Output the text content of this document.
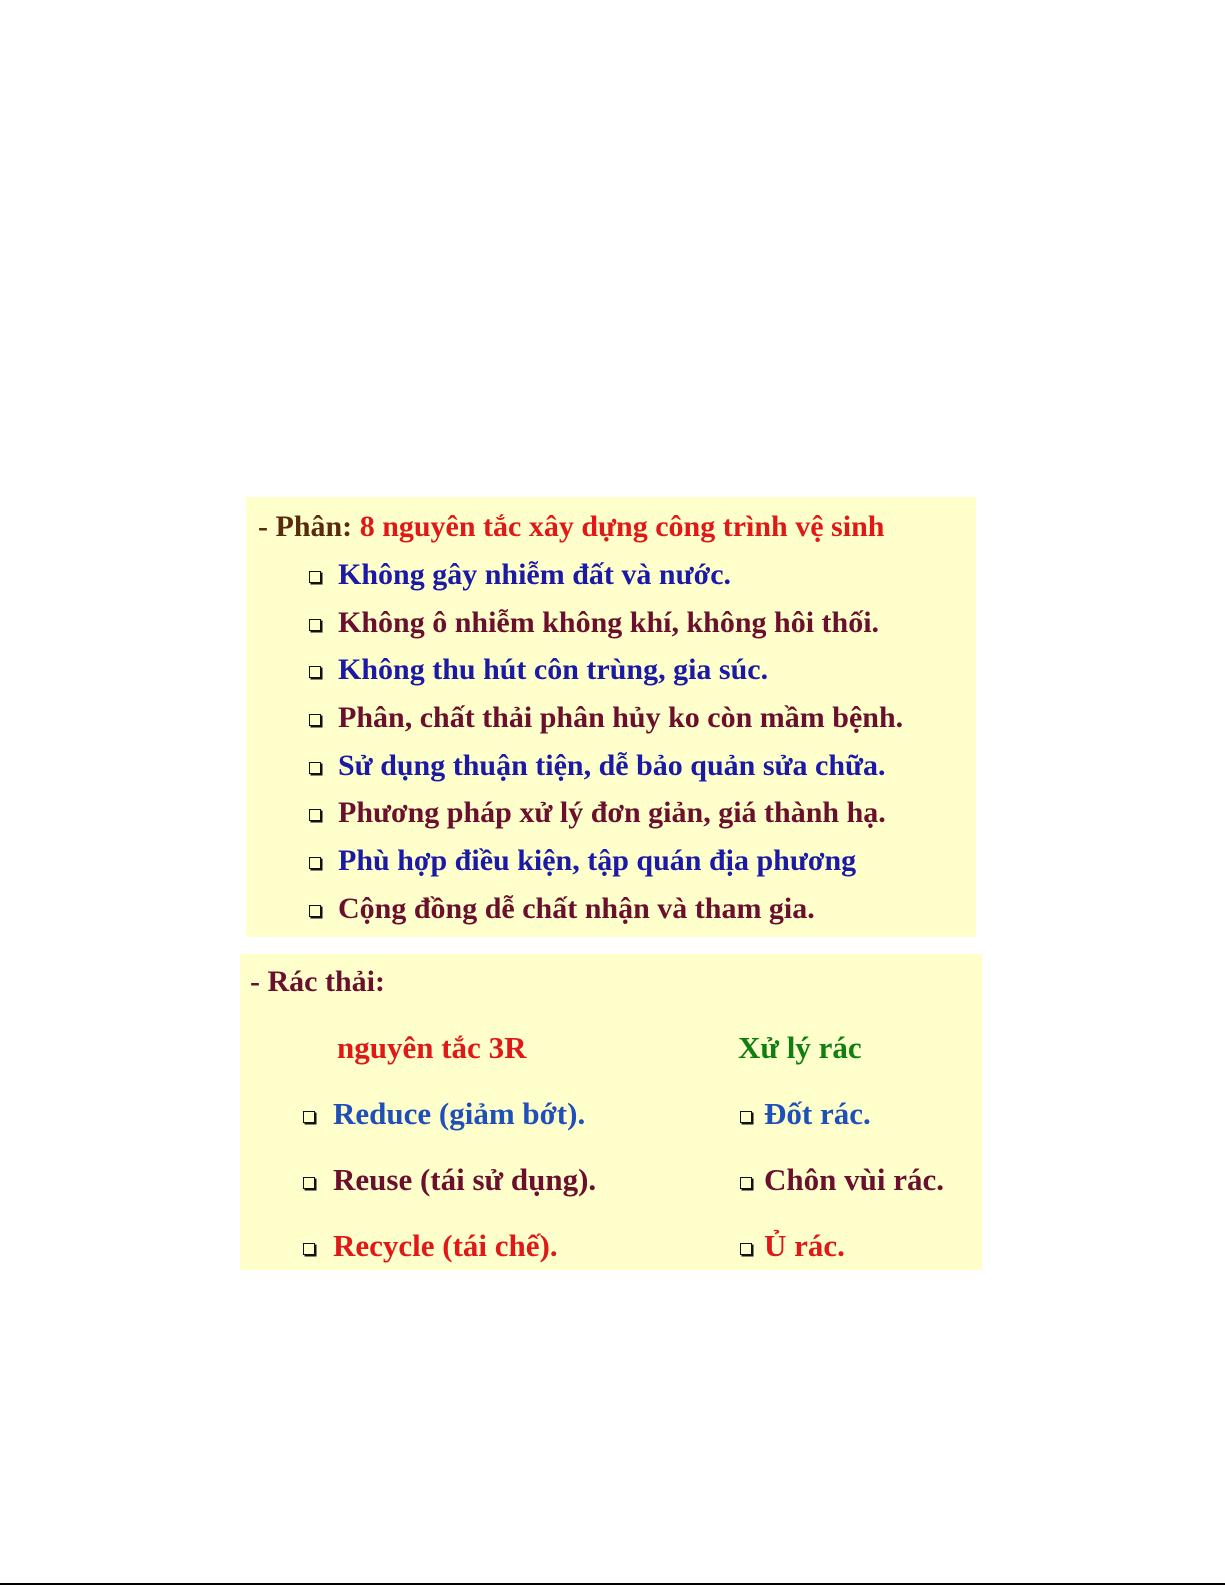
- Phân: 8 nguyên tắc xây dựng công trình vệ sinh
Không gây nhiễm đất và nước.
Không ô nhiễm không khí, không hôi thối.
Không thu hút côn trùng, gia súc.
Phân, chất thải phân hủy ko còn mầm bệnh.
Sử dụng thuận tiện, dễ bảo quản sửa chữa.
Phương pháp xử lý đơn giản, giá thành hạ.
Phù hợp điều kiện, tập quán địa phương
Cộng đồng dễ chất nhận và tham gia.
- Rác thải:
nguyên tắc 3R	Xử lý rác
Reduce (giảm bớt).
Reuse (tái sử dụng).
Recycle (tái chế).
Đốt rác.
Chôn vùi rác.
Ủ rác.
